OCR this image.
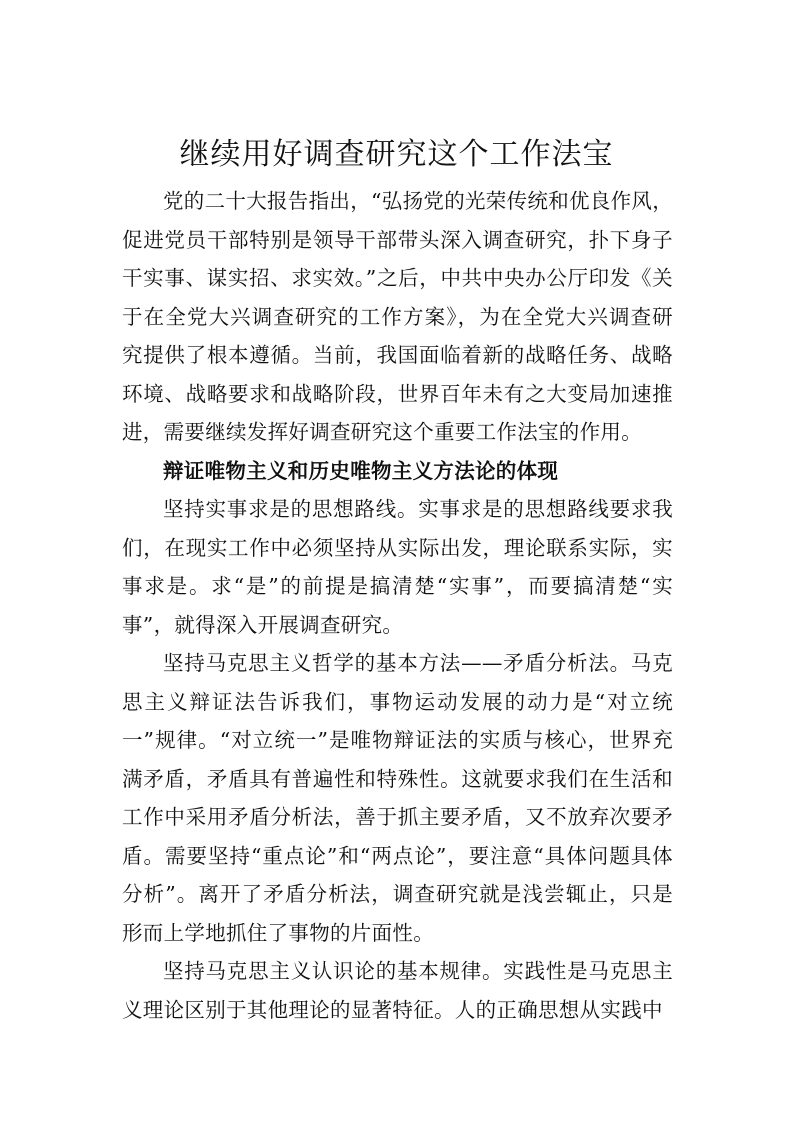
继续用好调查研究这个工作法宝

党的二十大报告指出，“弘扬党的光荣传统和优良作风，促进党员干部特别是领导干部带头深入调查研究，扑下身子干实事、谋实招、求实效。”之后，中共中央办公厅印发《关于在全党大兴调查研究的工作方案》，为在全党大兴调查研究提供了根本遵循。当前，我国面临着新的战略任务、战略环境、战略要求和战略阶段，世界百年未有之大变局加速推进，需要继续发挥好调查研究这个重要工作法宝的作用。

辩证唯物主义和历史唯物主义方法论的体现

坚持实事求是的思想路线。实事求是的思想路线要求我们，在现实工作中必须坚持从实际出发，理论联系实际，实事求是。求“是”的前提是搞清楚“实事”，而要搞清楚“实事”，就得深入开展调查研究。

坚持马克思主义哲学的基本方法——矛盾分析法。马克思主义辩证法告诉我们，事物运动发展的动力是“对立统一”规律。“对立统一”是唯物辩证法的实质与核心，世界充满矛盾，矛盾具有普遍性和特殊性。这就要求我们在生活和工作中采用矛盾分析法，善于抓主要矛盾，又不放弃次要矛盾。需要坚持“重点论”和“两点论”，要注意“具体问题具体分析”。离开了矛盾分析法，调查研究就是浅尝辄止，只是形而上学地抓住了事物的片面性。

坚持马克思主义认识论的基本规律。实践性是马克思主义理论区别于其他理论的显著特征。人的正确思想从实践中
